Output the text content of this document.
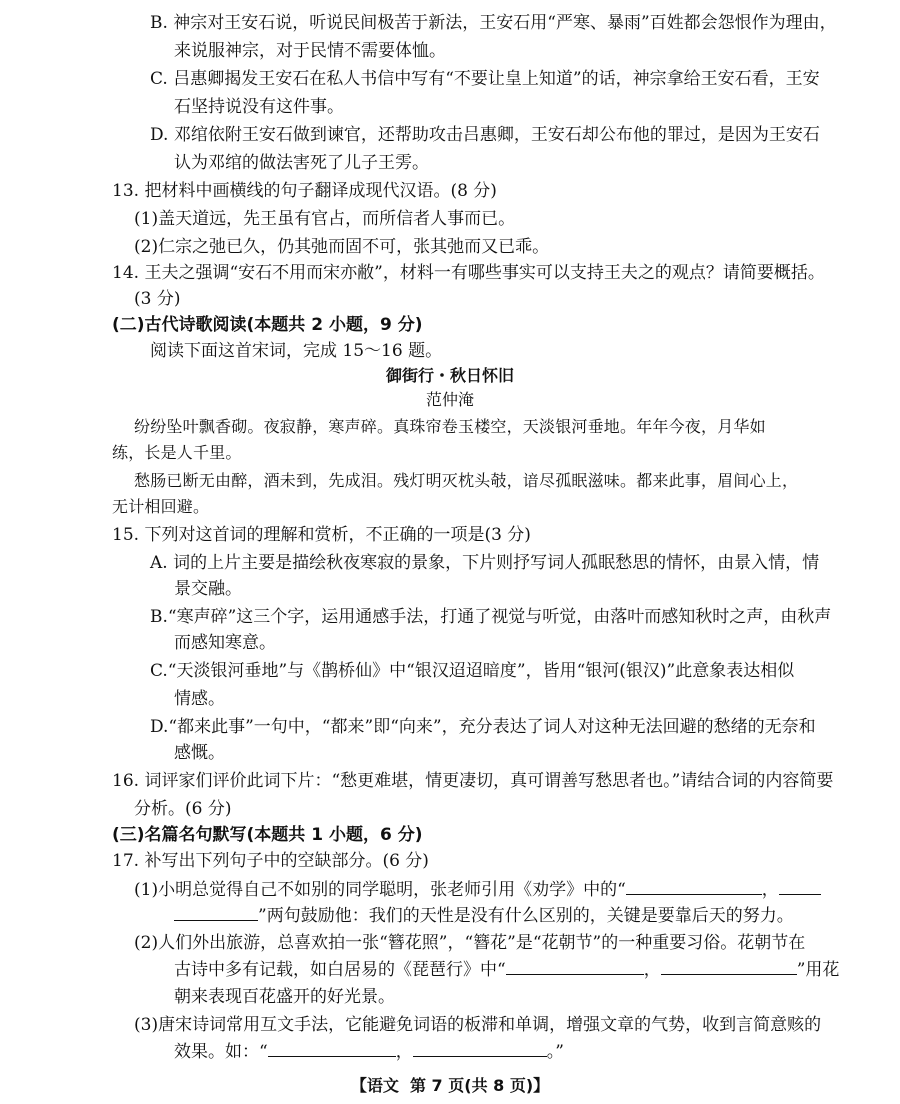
B. 神宗对王安石说，听说民间极苦于新法，王安石用“严寒、暴雨”百姓都会怨恨作为理由，
来说服神宗，对于民情不需要体恤。
C. 吕惠卿揭发王安石在私人书信中写有“不要让皇上知道”的话，神宗拿给王安石看，王安
石坚持说没有这件事。
D. 邓绾依附王安石做到谏官，还帮助攻击吕惠卿，王安石却公布他的罪过，是因为王安石
认为邓绾的做法害死了儿子王雱。
13. 把材料中画横线的句子翻译成现代汉语。(8 分)
(1)盖天道远，先王虽有官占，而所信者人事而已。
(2)仁宗之弛已久，仍其弛而固不可，张其弛而又已乖。
14. 王夫之强调“安石不用而宋亦敝”，材料一有哪些事实可以支持王夫之的观点？请简要概括。
(3 分)
(二)古代诗歌阅读(本题共 2 小题，9 分)
阅读下面这首宋词，完成 15～16 题。
御街行・秋日怀旧
范仲淹
纷纷坠叶飘香砌。夜寂静，寒声碎。真珠帘卷玉楼空，天淡银河垂地。年年今夜，月华如
练，长是人千里。
愁肠已断无由醉，酒未到，先成泪。残灯明灭枕头攲，谙尽孤眠滋味。都来此事，眉间心上，
无计相回避。
15. 下列对这首词的理解和赏析，不正确的一项是(3 分)
A. 词的上片主要是描绘秋夜寒寂的景象，下片则抒写词人孤眠愁思的情怀，由景入情，情
景交融。
B.“寒声碎”这三个字，运用通感手法，打通了视觉与听觉，由落叶而感知秋时之声，由秋声
而感知寒意。
C.“天淡银河垂地”与《鹊桥仙》中“银汉迢迢暗度”，皆用“银河(银汉)”此意象表达相似
情感。
D.“都来此事”一句中，“都来”即“向来”，充分表达了词人对这种无法回避的愁绪的无奈和
感慨。
16. 词评家们评价此词下片：“愁更难堪，情更凄切，真可谓善写愁思者也。”请结合词的内容简要
分析。(6 分)
(三)名篇名句默写(本题共 1 小题，6 分)
17. 补写出下列句子中的空缺部分。(6 分)
(1)小明总觉得自己不如别的同学聪明，张老师引用《劝学》中的“	，
”两句鼓励他：我们的天性是没有什么区别的，关键是要靠后天的努力。
(2)人们外出旅游，总喜欢拍一张“簪花照”，“簪花”是“花朝节”的一种重要习俗。花朝节在
古诗中多有记载，如白居易的《琵琶行》中“	，	”用花
朝来表现百花盛开的好光景。
(3)唐宋诗词常用互文手法，它能避免词语的板滞和单调，增强文章的气势，收到言简意赅的
效果。如：“	，	。”
【语文 第 7 页(共 8 页)】
